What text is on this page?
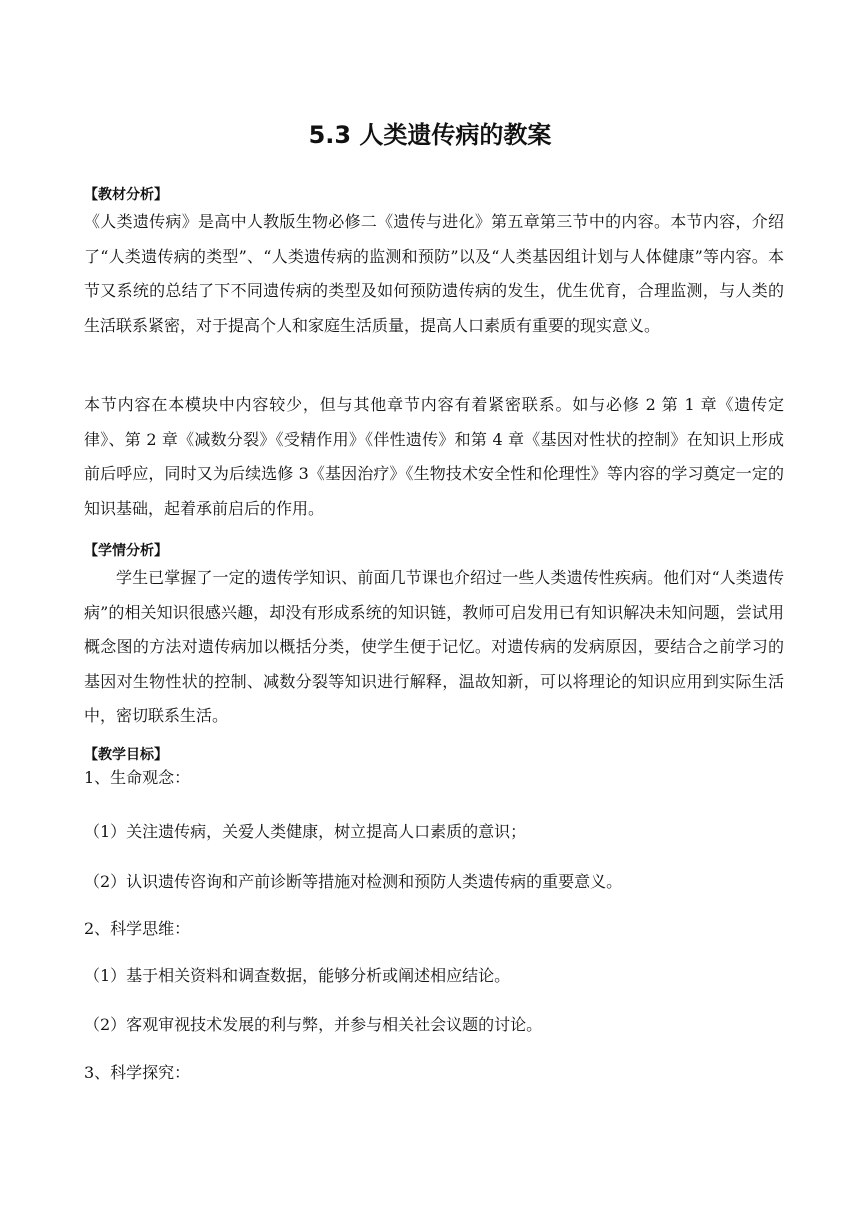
5.3 人类遗传病的教案
【教材分析】

《人类遗传病》是高中人教版生物必修二《遗传与进化》第五章第三节中的内容。本节内容，介绍了“人类遗传病的类型”、“人类遗传病的监测和预防”以及“人类基因组计划与人体健康”等内容。本节又系统的总结了下不同遗传病的类型及如何预防遗传病的发生，优生优育，合理监测，与人类的生活联系紧密，对于提高个人和家庭生活质量，提高人口素质有重要的现实意义。

本节内容在本模块中内容较少，但与其他章节内容有着紧密联系。如与必修 2 第 1 章《遗传定律》、第 2 章《减数分裂》《受精作用》《伴性遗传》和第 4 章《基因对性状的控制》在知识上形成前后呼应，同时又为后续选修 3《基因治疗》《生物技术安全性和伦理性》等内容的学习奠定一定的知识基础，起着承前启后的作用。

【学情分析】

学生已掌握了一定的遗传学知识、前面几节课也介绍过一些人类遗传性疾病。他们对“人类遗传病”的相关知识很感兴趣，却没有形成系统的知识链，教师可启发用已有知识解决未知问题，尝试用概念图的方法对遗传病加以概括分类，使学生便于记忆。对遗传病的发病原因，要结合之前学习的基因对生物性状的控制、减数分裂等知识进行解释，温故知新，可以将理论的知识应用到实际生活中，密切联系生活。

【教学目标】
1、生命观念：
（1）关注遗传病，关爱人类健康，树立提高人口素质的意识；
（2）认识遗传咨询和产前诊断等措施对检测和预防人类遗传病的重要意义。
2、科学思维：
（1）基于相关资料和调查数据，能够分析或阐述相应结论。
（2）客观审视技术发展的利与弊，并参与相关社会议题的讨论。
3、科学探究：
